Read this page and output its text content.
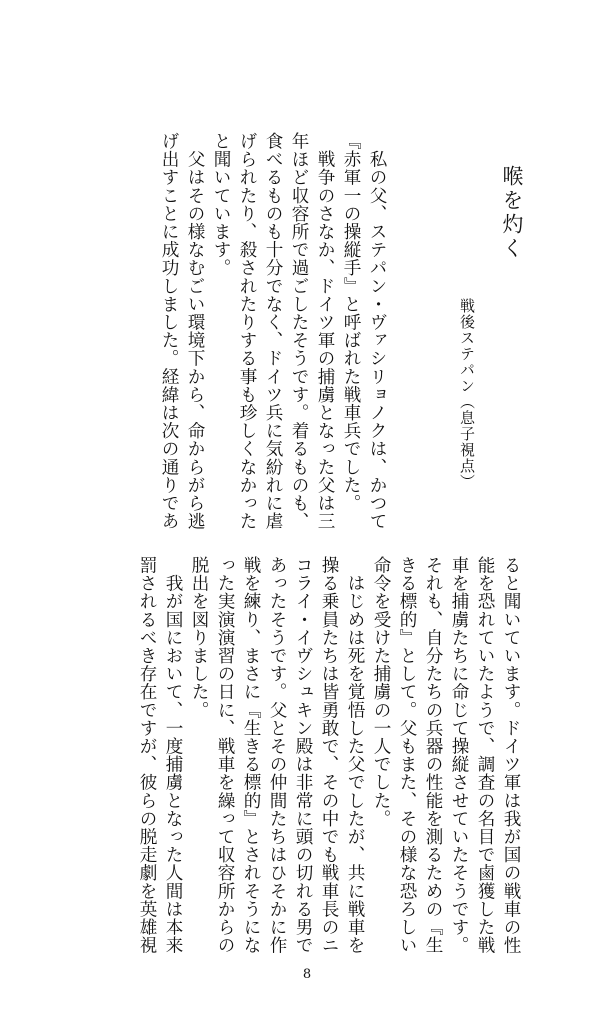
喉を灼く
戦後ステパン（息子視点）
　私の父、ステパン・ヴァシリョノクは、かつて
『赤軍一の操縦手』と呼ばれた戦車兵でした。
　戦争のさなか、ドイツ軍の捕虜となった父は三
年ほど収容所で過ごしたそうです。着るものも、
食べるものも十分でなく、ドイツ兵に気紛れに虐
げられたり、殺されたりする事も珍しくなかった
と聞いています。
　父はその様なむごい環境下から、命からがら逃
げ出すことに成功しました。経緯は次の通りであ
ると聞いています。ドイツ軍は我が国の戦車の性
能を恐れていたようで、調査の名目で鹵獲した戦
車を捕虜たちに命じて操縦させていたそうです。
それも、自分たちの兵器の性能を測るための『生
きる標的』として。父もまた、その様な恐ろしい
命令を受けた捕虜の一人でした。
　はじめは死を覚悟した父でしたが、共に戦車を
操る乗員たちは皆勇敢で、その中でも戦車長のニ
コライ・イヴシュキン殿は非常に頭の切れる男で
あったそうです。父とその仲間たちはひそかに作
戦を練り、まさに『生きる標的』とされそうにな
った実演演習の日に、戦車を繰って収容所からの
脱出を図りました。
　我が国において、一度捕虜となった人間は本来
罰されるべき存在ですが、彼らの脱走劇を英雄視
8
